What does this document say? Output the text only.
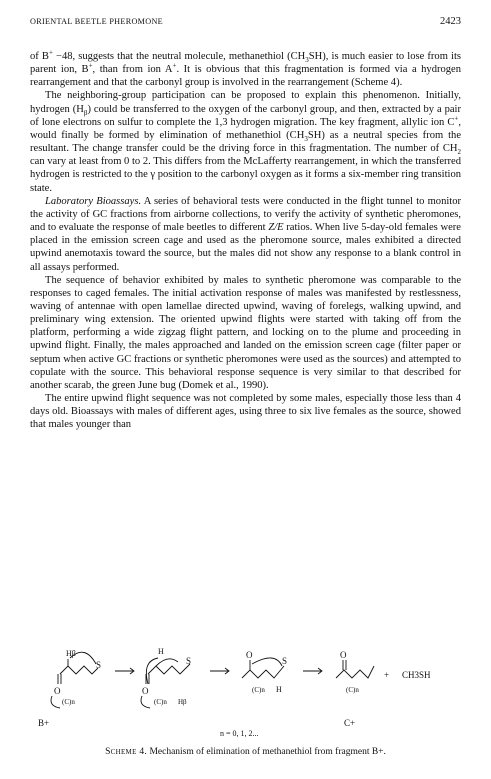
ORIENTAL BEETLE PHEROMONE	2423

of B+ −48, suggests that the neutral molecule, methanethiol $(CH_3SH)$, is much easier to lose from its parent ion, B+, than from ion A+. It is obvious that this fragmentation is formed via a hydrogen rearrangement and that the carbonyl group is involved in the rearrangement (Scheme 4).

The neighboring-group participation can be proposed to explain this phenomenon. Initially, hydrogen $(H_\beta)$ could be transferred to the oxygen of the carbonyl group, and then, extracted by a pair of lone electrons on sulfur to complete the 1,3 hydrogen migration. The key fragment, allylic ion C+, would finally be formed by elimination of methanethiol $(CH_3SH)$ as a neutral species from the resultant. The change transfer could be the driving force in this fragmentation. The number of $CH_2$ can vary at least from 0 to 2. This differs from the McLafferty rearrangement, in which the transferred hydrogen is restricted to the γ position to the carbonyl oxygen as it forms a six-member ring transition state.

Laboratory Bioassays. A series of behavioral tests were conducted in the flight tunnel to monitor the activity of GC fractions from airborne collections, to verify the activity of synthetic pheromones, and to evaluate the response of male beetles to different Z/E ratios. When live 5-day-old females were placed in the emission screen cage and used as the pheromone source, males exhibited a directed upwind anemotaxis toward the source, but the males did not show any response to a blank control in all assays performed.

The sequence of behavior exhibited by males to synthetic pheromone was comparable to the responses to caged females. The initial activation response of males was manifested by restlessness, waving of antennae with open lamellae directed upwind, waving of forelegs, walking upwind, and preliminary wing extension. The oriented upwind flights were started with taking off from the platform, performing a wide zigzag flight pattern, and locking on to the plume and proceeding in upwind flight. Finally, the males approached and landed on the emission screen cage (filter paper or septum when active GC fractions or synthetic pheromones were used as the sources) and attempted to copulate with the source. This behavioral response sequence is very similar to that described for another scarab, the green June bug (Domek et al., 1990).

The entire upwind flight sequence was not completed by some males, especially those less than 4 days old. Bioassays with males of different ages, using three to six live females as the source, showed that males younger than

Hβ
O
S
(C)n
B+
H
O
S
(C)n Hβ
O
S
(C)n H
O
(C)n
+ CH3SH
C+
n = 0, 1, 2...
Scheme 4. Mechanism of elimination of methanethiol from fragment B+.
